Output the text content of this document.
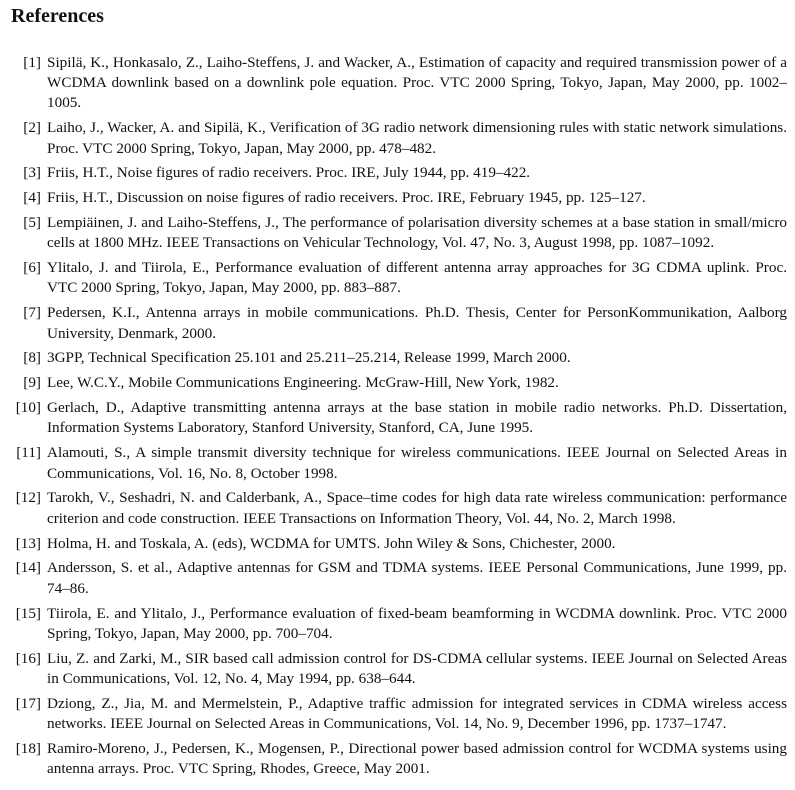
References
[1] Sipilä, K., Honkasalo, Z., Laiho-Steffens, J. and Wacker, A., Estimation of capacity and required transmission power of a WCDMA downlink based on a downlink pole equation. Proc. VTC 2000 Spring, Tokyo, Japan, May 2000, pp. 1002–1005.
[2] Laiho, J., Wacker, A. and Sipilä, K., Verification of 3G radio network dimensioning rules with static network simulations. Proc. VTC 2000 Spring, Tokyo, Japan, May 2000, pp. 478–482.
[3] Friis, H.T., Noise figures of radio receivers. Proc. IRE, July 1944, pp. 419–422.
[4] Friis, H.T., Discussion on noise figures of radio receivers. Proc. IRE, February 1945, pp. 125–127.
[5] Lempiäinen, J. and Laiho-Steffens, J., The performance of polarisation diversity schemes at a base station in small/micro cells at 1800 MHz. IEEE Transactions on Vehicular Technology, Vol. 47, No. 3, August 1998, pp. 1087–1092.
[6] Ylitalo, J. and Tiirola, E., Performance evaluation of different antenna array approaches for 3G CDMA uplink. Proc. VTC 2000 Spring, Tokyo, Japan, May 2000, pp. 883–887.
[7] Pedersen, K.I., Antenna arrays in mobile communications. Ph.D. Thesis, Center for PersonKommunikation, Aalborg University, Denmark, 2000.
[8] 3GPP, Technical Specification 25.101 and 25.211–25.214, Release 1999, March 2000.
[9] Lee, W.C.Y., Mobile Communications Engineering. McGraw-Hill, New York, 1982.
[10] Gerlach, D., Adaptive transmitting antenna arrays at the base station in mobile radio networks. Ph.D. Dissertation, Information Systems Laboratory, Stanford University, Stanford, CA, June 1995.
[11] Alamouti, S., A simple transmit diversity technique for wireless communications. IEEE Journal on Selected Areas in Communications, Vol. 16, No. 8, October 1998.
[12] Tarokh, V., Seshadri, N. and Calderbank, A., Space–time codes for high data rate wireless communication: performance criterion and code construction. IEEE Transactions on Information Theory, Vol. 44, No. 2, March 1998.
[13] Holma, H. and Toskala, A. (eds), WCDMA for UMTS. John Wiley & Sons, Chichester, 2000.
[14] Andersson, S. et al., Adaptive antennas for GSM and TDMA systems. IEEE Personal Communications, June 1999, pp. 74–86.
[15] Tiirola, E. and Ylitalo, J., Performance evaluation of fixed-beam beamforming in WCDMA downlink. Proc. VTC 2000 Spring, Tokyo, Japan, May 2000, pp. 700–704.
[16] Liu, Z. and Zarki, M., SIR based call admission control for DS-CDMA cellular systems. IEEE Journal on Selected Areas in Communications, Vol. 12, No. 4, May 1994, pp. 638–644.
[17] Dziong, Z., Jia, M. and Mermelstein, P., Adaptive traffic admission for integrated services in CDMA wireless access networks. IEEE Journal on Selected Areas in Communications, Vol. 14, No. 9, December 1996, pp. 1737–1747.
[18] Ramiro-Moreno, J., Pedersen, K., Mogensen, P., Directional power based admission control for WCDMA systems using antenna arrays. Proc. VTC Spring, Rhodes, Greece, May 2001.
